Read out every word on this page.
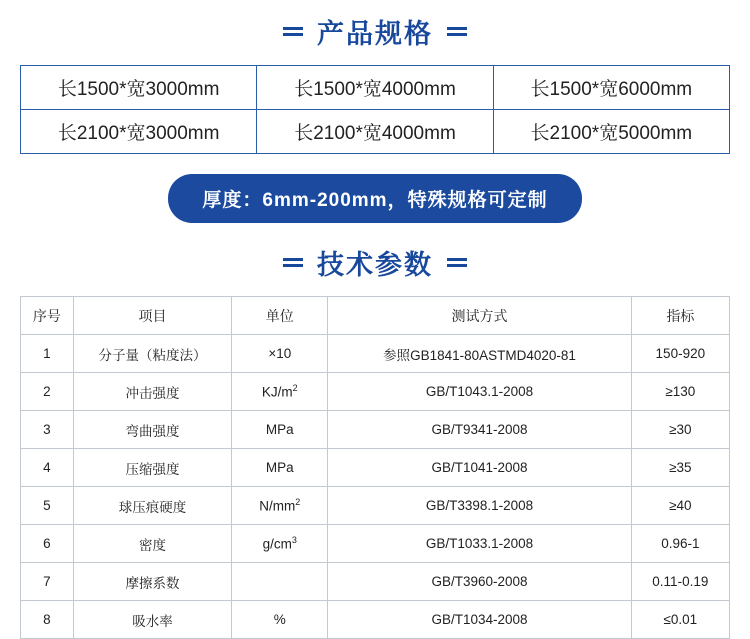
产品规格
长1500*宽3000mm	长1500*宽4000mm	长1500*宽6000mm
长2100*宽3000mm	长2100*宽4000mm	长2100*宽5000mm
厚度：6mm-200mm，特殊规格可定制
技术参数
序号	项目	单位	测试方式	指标
1	分子量（粘度法）	×10	参照GB1841-80ASTMD4020-81	150-920
2	冲击强度	$KJ/m^2$	GB/T1043.1-2008	≥130
3	弯曲强度	MPa	GB/T9341-2008	≥30
4	压缩强度	MPa	GB/T1041-2008	≥35
5	球压痕硬度	$N/mm^2$	GB/T3398.1-2008	≥40
6	密度	$g/cm^3$	GB/T1033.1-2008	0.96-1
7	摩擦系数		GB/T3960-2008	0.11-0.19
8	吸水率	%	GB/T1034-2008	≤0.01
